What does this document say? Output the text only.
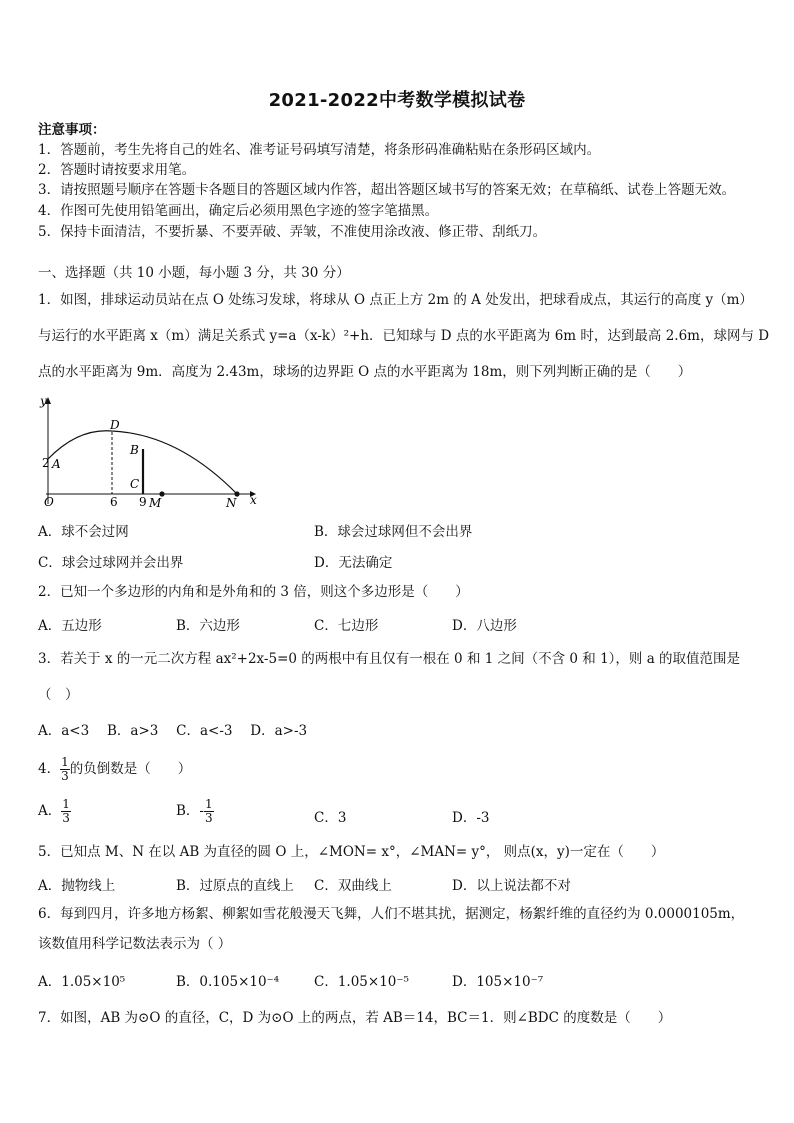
2021-2022中考数学模拟试卷
注意事项：
1．答题前，考生先将自己的姓名、准考证号码填写清楚，将条形码准确粘贴在条形码区域内。
2．答题时请按要求用笔。
3．请按照题号顺序在答题卡各题目的答题区域内作答，超出答题区域书写的答案无效；在草稿纸、试卷上答题无效。
4．作图可先使用铅笔画出，确定后必须用黑色字迹的签字笔描黑。
5．保持卡面清洁，不要折暴、不要弄破、弄皱，不准使用涂改液、修正带、刮纸刀。
一、选择题（共 10 小题，每小题 3 分，共 30 分）
1．如图，排球运动员站在点 O 处练习发球，将球从 O 点正上方 2m 的 A 处发出，把球看成点，其运行的高度 y（m）
与运行的水平距离 x（m）满足关系式 y=a（x-k）²+h．已知球与 D 点的水平距离为 6m 时，达到最高 2.6m，球网与 D
点的水平距离为 9m．高度为 2.43m，球场的边界距 O 点的水平距离为 18m，则下列判断正确的是（　　）
y
x
O
2 A
D
B
C
6 9 M	N
A．球不会过网	B．球会过球网但不会出界
C．球会过球网并会出界	D．无法确定
2．已知一个多边形的内角和是外角和的 3 倍，则这个多边形是（　　）
A．五边形	B．六边形	C．七边形	D．八边形
3．若关于 x 的一元二次方程 ax²+2x-5=0 的两根中有且仅有一根在 0 和 1 之间（不含 0 和 1），则 a 的取值范围是
（　）
A．a<3　 B．a>3　 C．a<-3　 D．a>-3
4． $\frac{1}{3}$ 的负倒数是（　　）
A． $\frac{1}{3}$	B．- $\frac{1}{3}$	C．3	D．-3
5．已知点 M、N 在以 AB 为直径的圆 O 上，∠MON= x°，∠MAN= y°， 则点(x，y)一定在（　　）
A．抛物线上	B．过原点的直线上 C．双曲线上	D．以上说法都不对
6．每到四月，许多地方杨絮、柳絮如雪花般漫天飞舞，人们不堪其扰，据测定，杨絮纤维的直径约为 0.0000105m，
该数值用科学记数法表示为（ ）
A．1.05×10⁵	B．0.105×10⁻⁴	C．1.05×10⁻⁵	D．105×10⁻⁷
7．如图，AB 为⊙O 的直径，C，D 为⊙O 上的两点，若 AB＝14，BC＝1．则∠BDC 的度数是（　　）
